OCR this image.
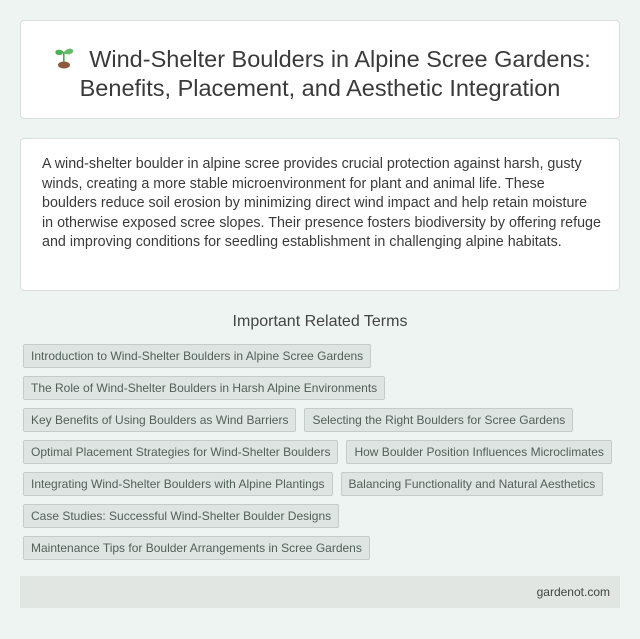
Wind-Shelter Boulders in Alpine Scree Gardens:
Benefits, Placement, and Aesthetic Integration

A wind-shelter boulder in alpine scree provides crucial protection against harsh, gusty winds, creating a more stable microenvironment for plant and animal life. These boulders reduce soil erosion by minimizing direct wind impact and help retain moisture in otherwise exposed scree slopes. Their presence fosters biodiversity by offering refuge and improving conditions for seedling establishment in challenging alpine habitats.

Important Related Terms
Introduction to Wind-Shelter Boulders in Alpine Scree Gardens
The Role of Wind-Shelter Boulders in Harsh Alpine Environments
Key Benefits of Using Boulders as Wind Barriers	Selecting the Right Boulders for Scree Gardens
Optimal Placement Strategies for Wind-Shelter Boulders	How Boulder Position Influences Microclimates
Integrating Wind-Shelter Boulders with Alpine Plantings	Balancing Functionality and Natural Aesthetics
Case Studies: Successful Wind-Shelter Boulder Designs
Maintenance Tips for Boulder Arrangements in Scree Gardens
gardenot.com
